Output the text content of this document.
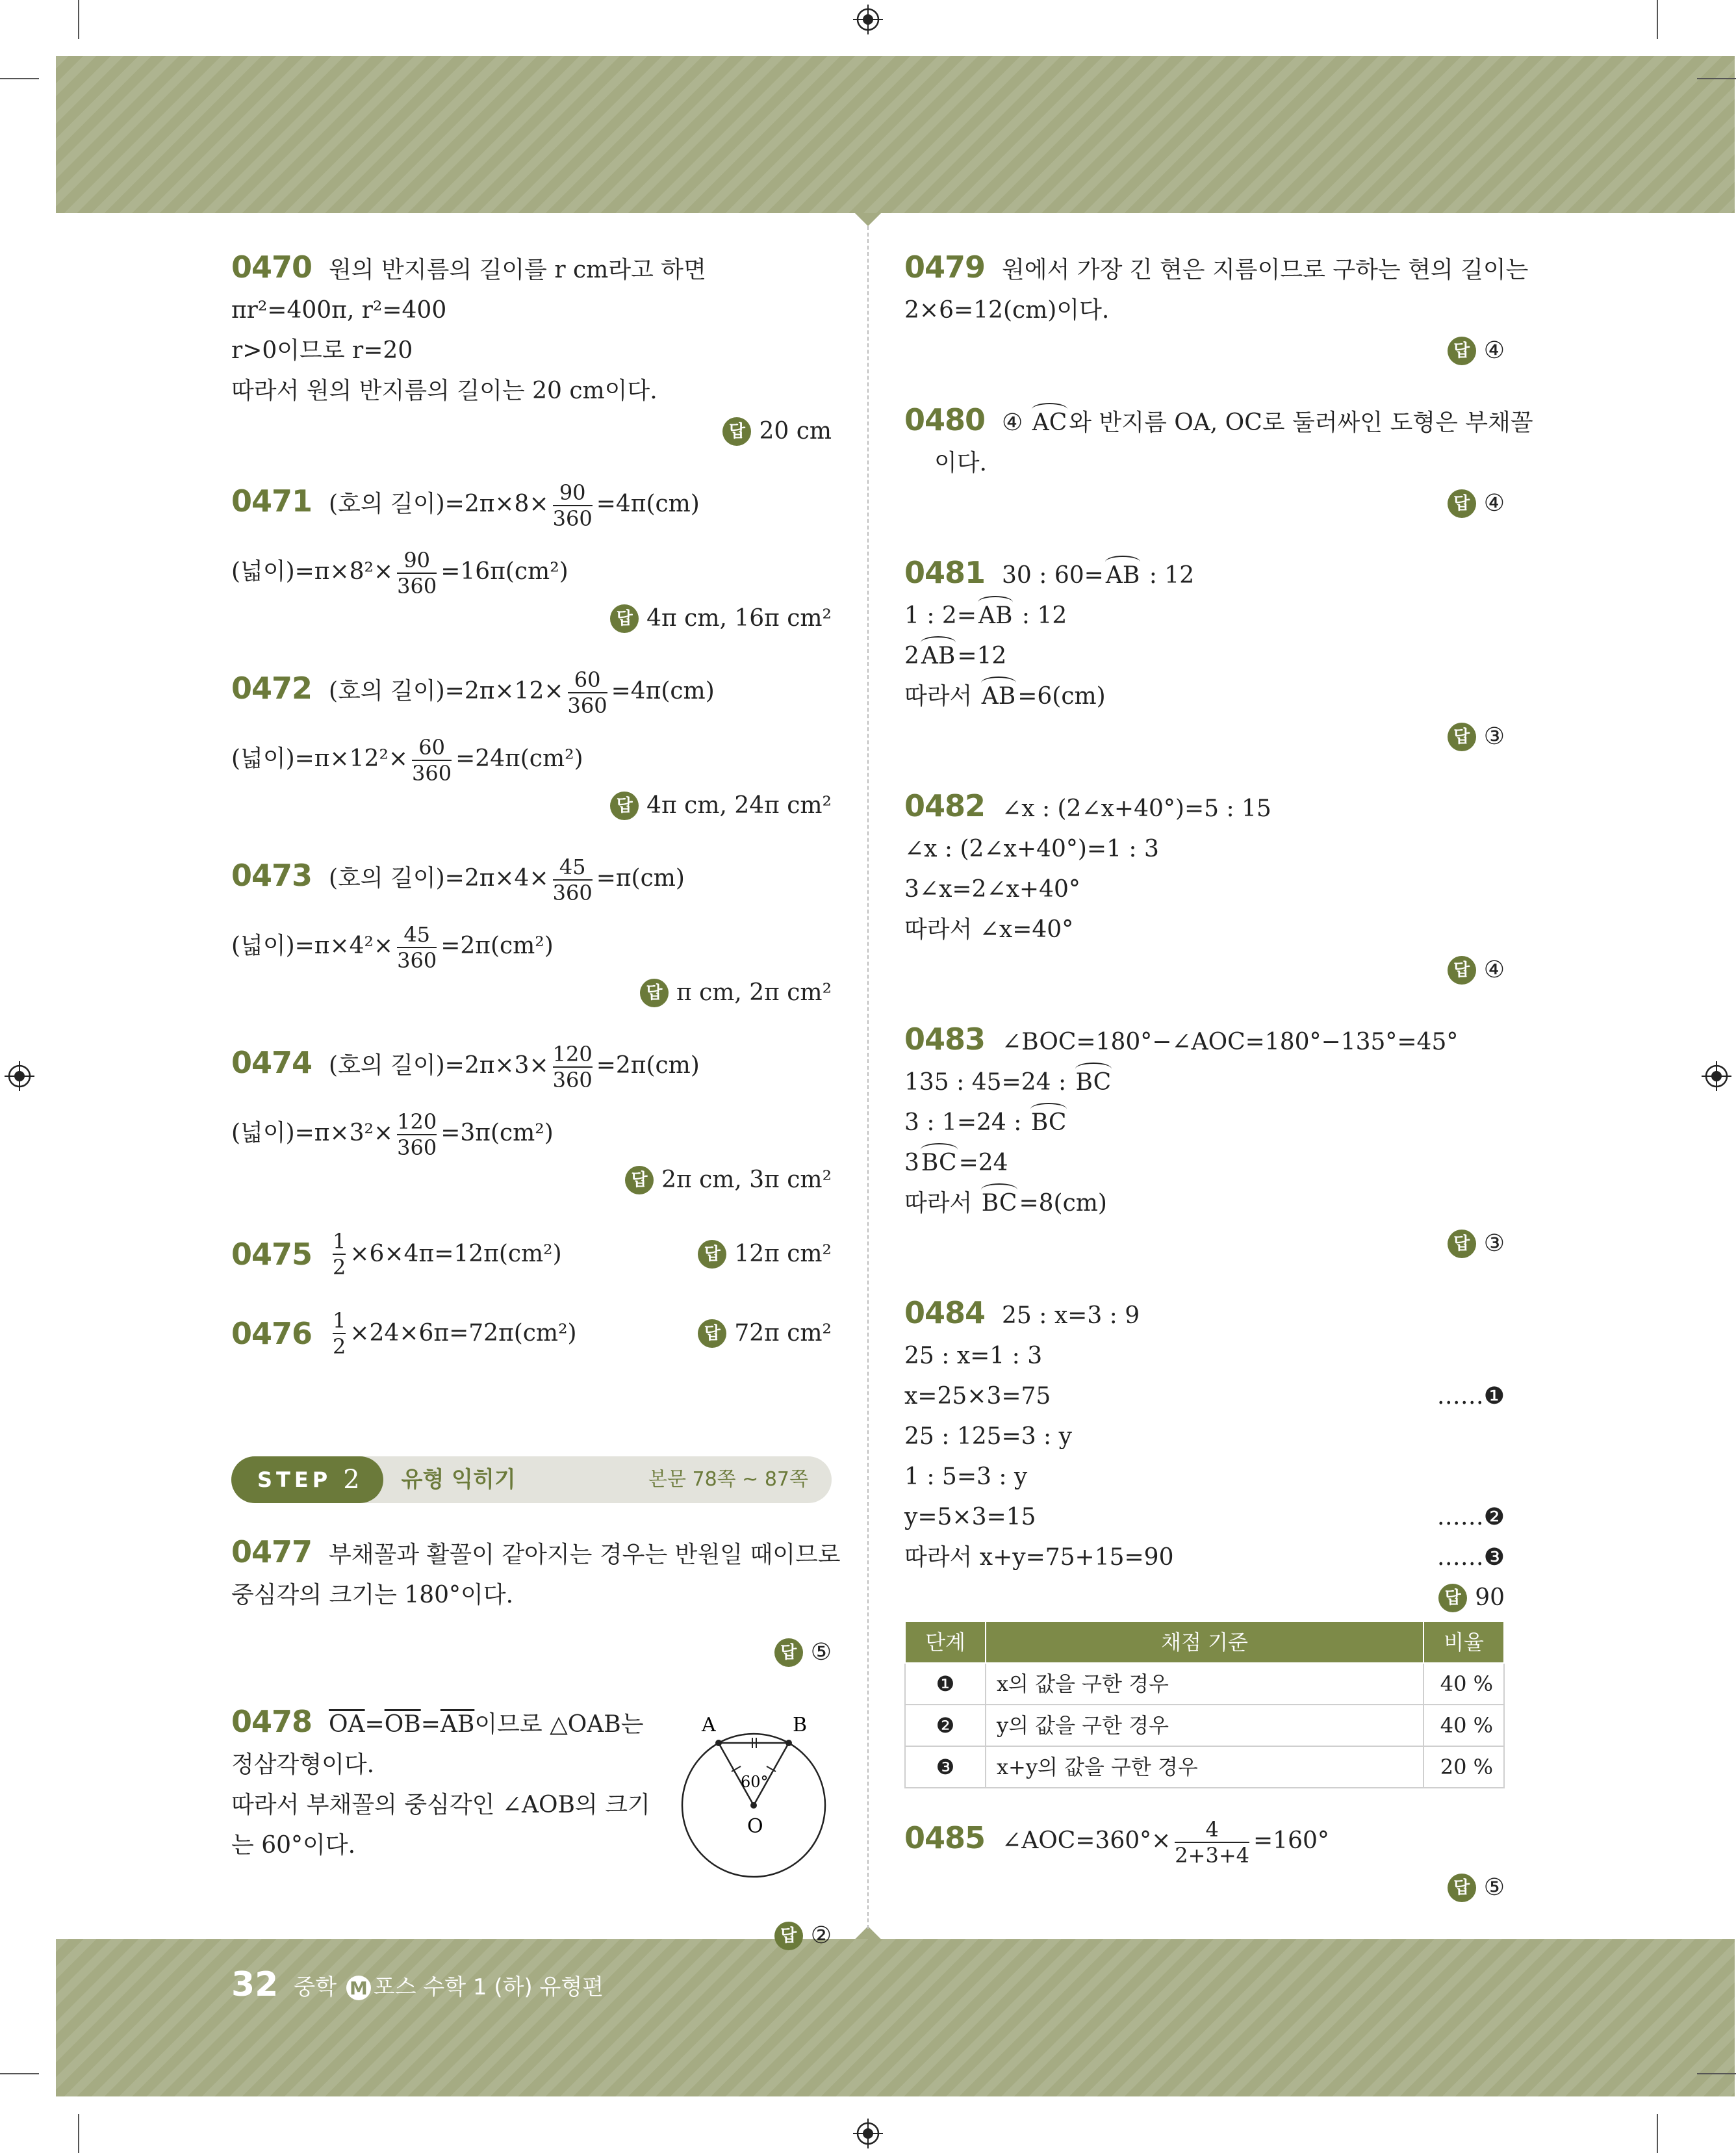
0470 원의 반지름의 길이를 r cm라고 하면
πr²=400π, r²=400
r>0이므로 r=20
따라서 원의 반지름의 길이는 20 cm이다.
답 20 cm
0471 (호의 길이)$=2\pi\times 8\times \frac{90}{360} =4\pi(cm)$
(넓이)$=\pi\times 8^2\times \frac{90}{360} =16\pi(cm^2)$
답 4π cm, 16π cm²
0472 (호의 길이)$=2\pi\times 12\times \frac{60}{360} =4\pi(cm)$
(넓이)$=\pi\times 12^2\times \frac{60}{360} =24\pi(cm^2)$
답 4π cm, 24π cm²
0473 (호의 길이)$=2\pi\times 4\times \frac{45}{360} =\pi(cm)$
(넓이)$=\pi\times 4^2\times \frac{45}{360} =2\pi(cm^2)$
답 π cm, 2π cm²
0474 (호의 길이)$=2\pi\times 3\times \frac{120}{360} =2\pi(cm)$
(넓이)$=\pi\times 3^2\times \frac{120}{360} =3\pi(cm^2)$
답 2π cm, 3π cm²
$0475 \frac{1}{2} \times 6\times 4\pi=12\pi(cm^2)$	답 12π cm²
$0476 \frac{1}{2} \times 24\times 6\pi=72\pi(cm^2)$	답 72π cm²
STEP 2 유형 익히기	본문 78쪽 ~ 87쪽
0477 부채꼴과 활꼴이 같아지는 경우는 반원일 때이므로
중심각의 크기는 180°이다.
답 ⑤
0478 $\overline{OA}=\overline{OB}=\overline{AB}$이므로 △OAB는
정삼각형이다.
따라서 부채꼴의 중심각인 ∠AOB의 크기
는 60°이다.
A	B
O
60°
답 ②
0479 원에서 가장 긴 현은 지름이므로 구하는 현의 길이는
2×6=12(cm)이다.
답 ④
0480 ④ AC와 반지름 OA, OC로 둘러싸인 도형은 부채꼴
이다.
답 ④
0481 30 : 60=AB : 12
1 : 2=AB : 12
2AB=12
따라서 AB=6(cm)
답 ③
0482 ∠x : (2∠x+40°)=5 : 15
∠x : (2∠x+40°)=1 : 3
3∠x=2∠x+40°
따라서 ∠x=40°
답 ④
0483 ∠BOC=180°−∠AOC=180°−135°=45°
135 : 45=24 : BC
3 : 1=24 : BC
3BC=24
따라서 BC=8(cm)
답 ③
0484 25 : x=3 : 9
25 : x=1 : 3
x=25×3=75	…… ❶
25 : 125=3 : y
1 : 5=3 : y
y=5×3=15	…… ❷
따라서 x+y=75+15=90	…… ❸
답 90
단계	채점 기준	비율
❶	x의 값을 구한 경우	40 %
❷	y의 값을 구한 경우	40 %
❸	x+y의 값을 구한 경우	20 %
0485 ∠AOC=360°× $\frac{4}{2+3+4} =160^\circ$
답 ⑤
32 중학 M 포스 수학 1 (하) 유형편
